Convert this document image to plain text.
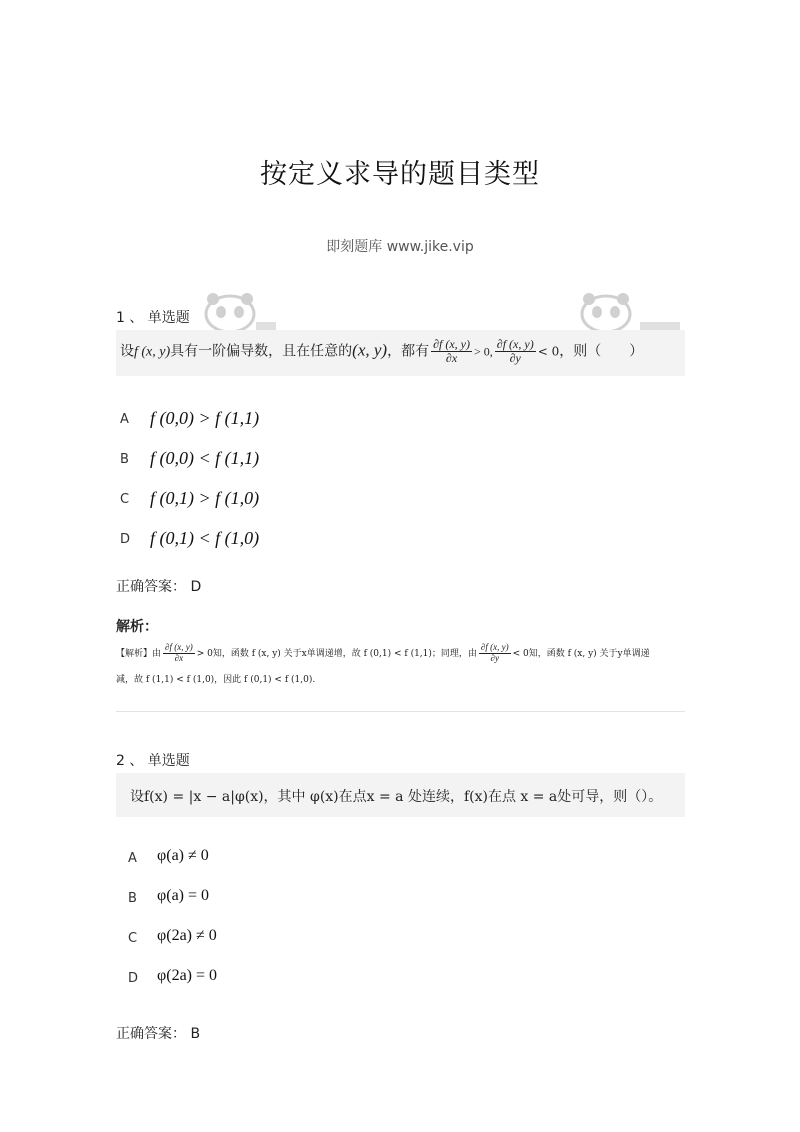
按定义求导的题目类型
即刻题库 www.jike.vip
1 、 单选题
设f (x, y)具有一阶偏导数，且在任意的(x, y)，都有 $\frac{\partial f (x, y)}{\partial x} > 0$, $\frac{\partial f (x, y)}{\partial y} < 0$，则（　　）
A f (0,0) > f (1,1)
B f (0,0) < f (1,1)
C f (0,1) > f (1,0)
D f (0,1) < f (1,0)
正确答案： D
解析：
【解析】由 $\frac{\partial f (x, y)}{\partial x} > 0$知，函数 f (x, y) 关于x单调递增，故 f (0,1) < f (1,1)；同理，由 $\frac{\partial f (x, y)}{\partial y} < 0$知，函数 f (x, y) 关于y单调递
减，故 f (1,1) < f (1,0)，因此 f (0,1) < f (1,0).
2 、 单选题
设f(x) = |x − a|φ(x)，其中 φ(x)在点x = a 处连续，f(x)在点 x = a处可导，则（）。
A φ(a) ≠ 0
B φ(a) = 0
C φ(2a) ≠ 0
D φ(2a) = 0
正确答案： B
